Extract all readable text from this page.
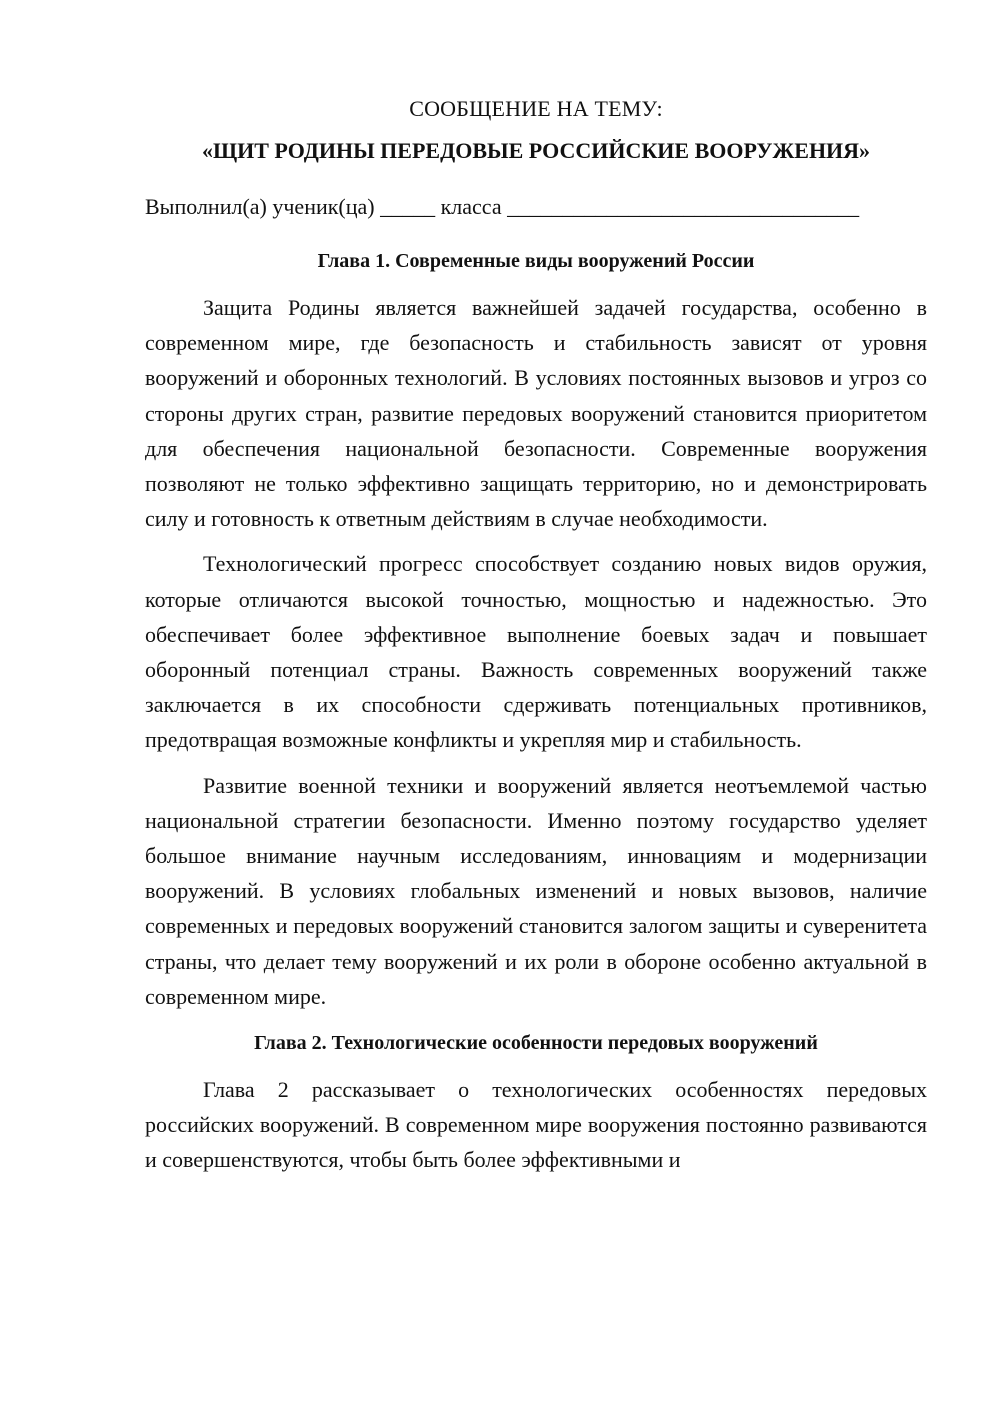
СООБЩЕНИЕ НА ТЕМУ:

«ЩИТ РОДИНЫ ПЕРЕДОВЫЕ РОССИЙСКИЕ ВООРУЖЕНИЯ»

Выполнил(а) ученик(ца) _____ класса ________________________________

Глава 1. Современные виды вооружений России

Защита Родины является важнейшей задачей государства, особенно в современном мире, где безопасность и стабильность зависят от уровня вооружений и оборонных технологий. В условиях постоянных вызовов и угроз со стороны других стран, развитие передовых вооружений становится приоритетом для обеспечения национальной безопасности. Современные вооружения позволяют не только эффективно защищать территорию, но и демонстрировать силу и готовность к ответным действиям в случае необходимости.

Технологический прогресс способствует созданию новых видов оружия, которые отличаются высокой точностью, мощностью и надежностью. Это обеспечивает более эффективное выполнение боевых задач и повышает оборонный потенциал страны. Важность современных вооружений также заключается в их способности сдерживать потенциальных противников, предотвращая возможные конфликты и укрепляя мир и стабильность.

Развитие военной техники и вооружений является неотъемлемой частью национальной стратегии безопасности. Именно поэтому государство уделяет большое внимание научным исследованиям, инновациям и модернизации вооружений. В условиях глобальных изменений и новых вызовов, наличие современных и передовых вооружений становится залогом защиты и суверенитета страны, что делает тему вооружений и их роли в обороне особенно актуальной в современном мире.

Глава 2. Технологические особенности передовых вооружений

Глава 2 рассказывает о технологических особенностях передовых российских вооружений. В современном мире вооружения постоянно развиваются и совершенствуются, чтобы быть более эффективными и
